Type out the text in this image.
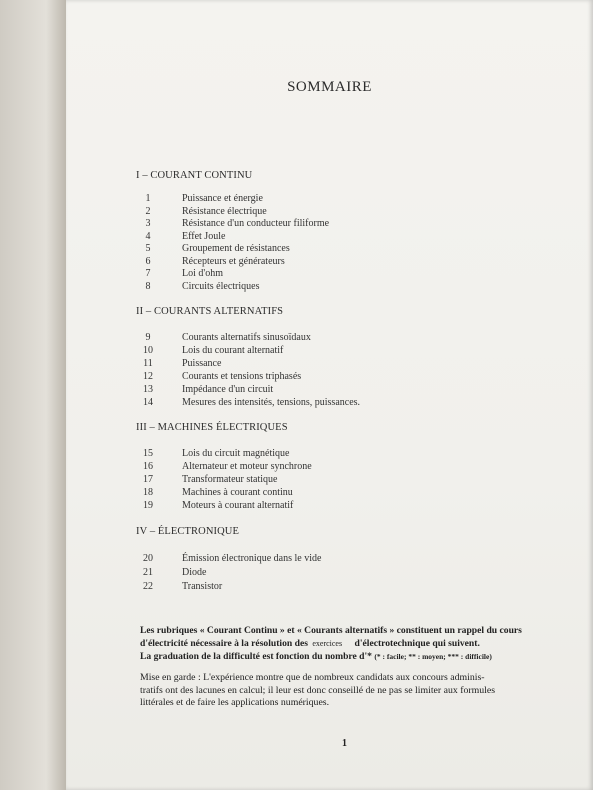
SOMMAIRE
I – COURANT CONTINU
1	Puissance et énergie
2	Résistance électrique
3	Résistance d'un conducteur filiforme
4	Effet Joule
5	Groupement de résistances
6	Récepteurs et générateurs
7	Loi d'ohm
8	Circuits électriques
II – COURANTS ALTERNATIFS
9	Courants alternatifs sinusoïdaux
10	Lois du courant alternatif
11	Puissance
12	Courants et tensions triphasés
13	Impédance d'un circuit
14	Mesures des intensités, tensions, puissances.
III – MACHINES ÉLECTRIQUES
15	Lois du circuit magnétique
16	Alternateur et moteur synchrone
17	Transformateur statique
18	Machines à courant continu
19	Moteurs à courant alternatif
IV – ÉLECTRONIQUE
20	Émission électronique dans le vide
21	Diode
22	Transistor
Les rubriques « Courant Continu » et « Courants alternatifs » constituent un rappel du cours
d'électricité nécessaire à la résolution des exercices d'électrotechnique qui suivent.
La graduation de la difficulté est fonction du nombre d'* (* : facile; ** : moyen; *** : difficile)
Mise en garde : L'expérience montre que de nombreux candidats aux concours adminis-
tratifs ont des lacunes en calcul; il leur est donc conseillé de ne pas se limiter aux formules
littérales et de faire les applications numériques.
1
